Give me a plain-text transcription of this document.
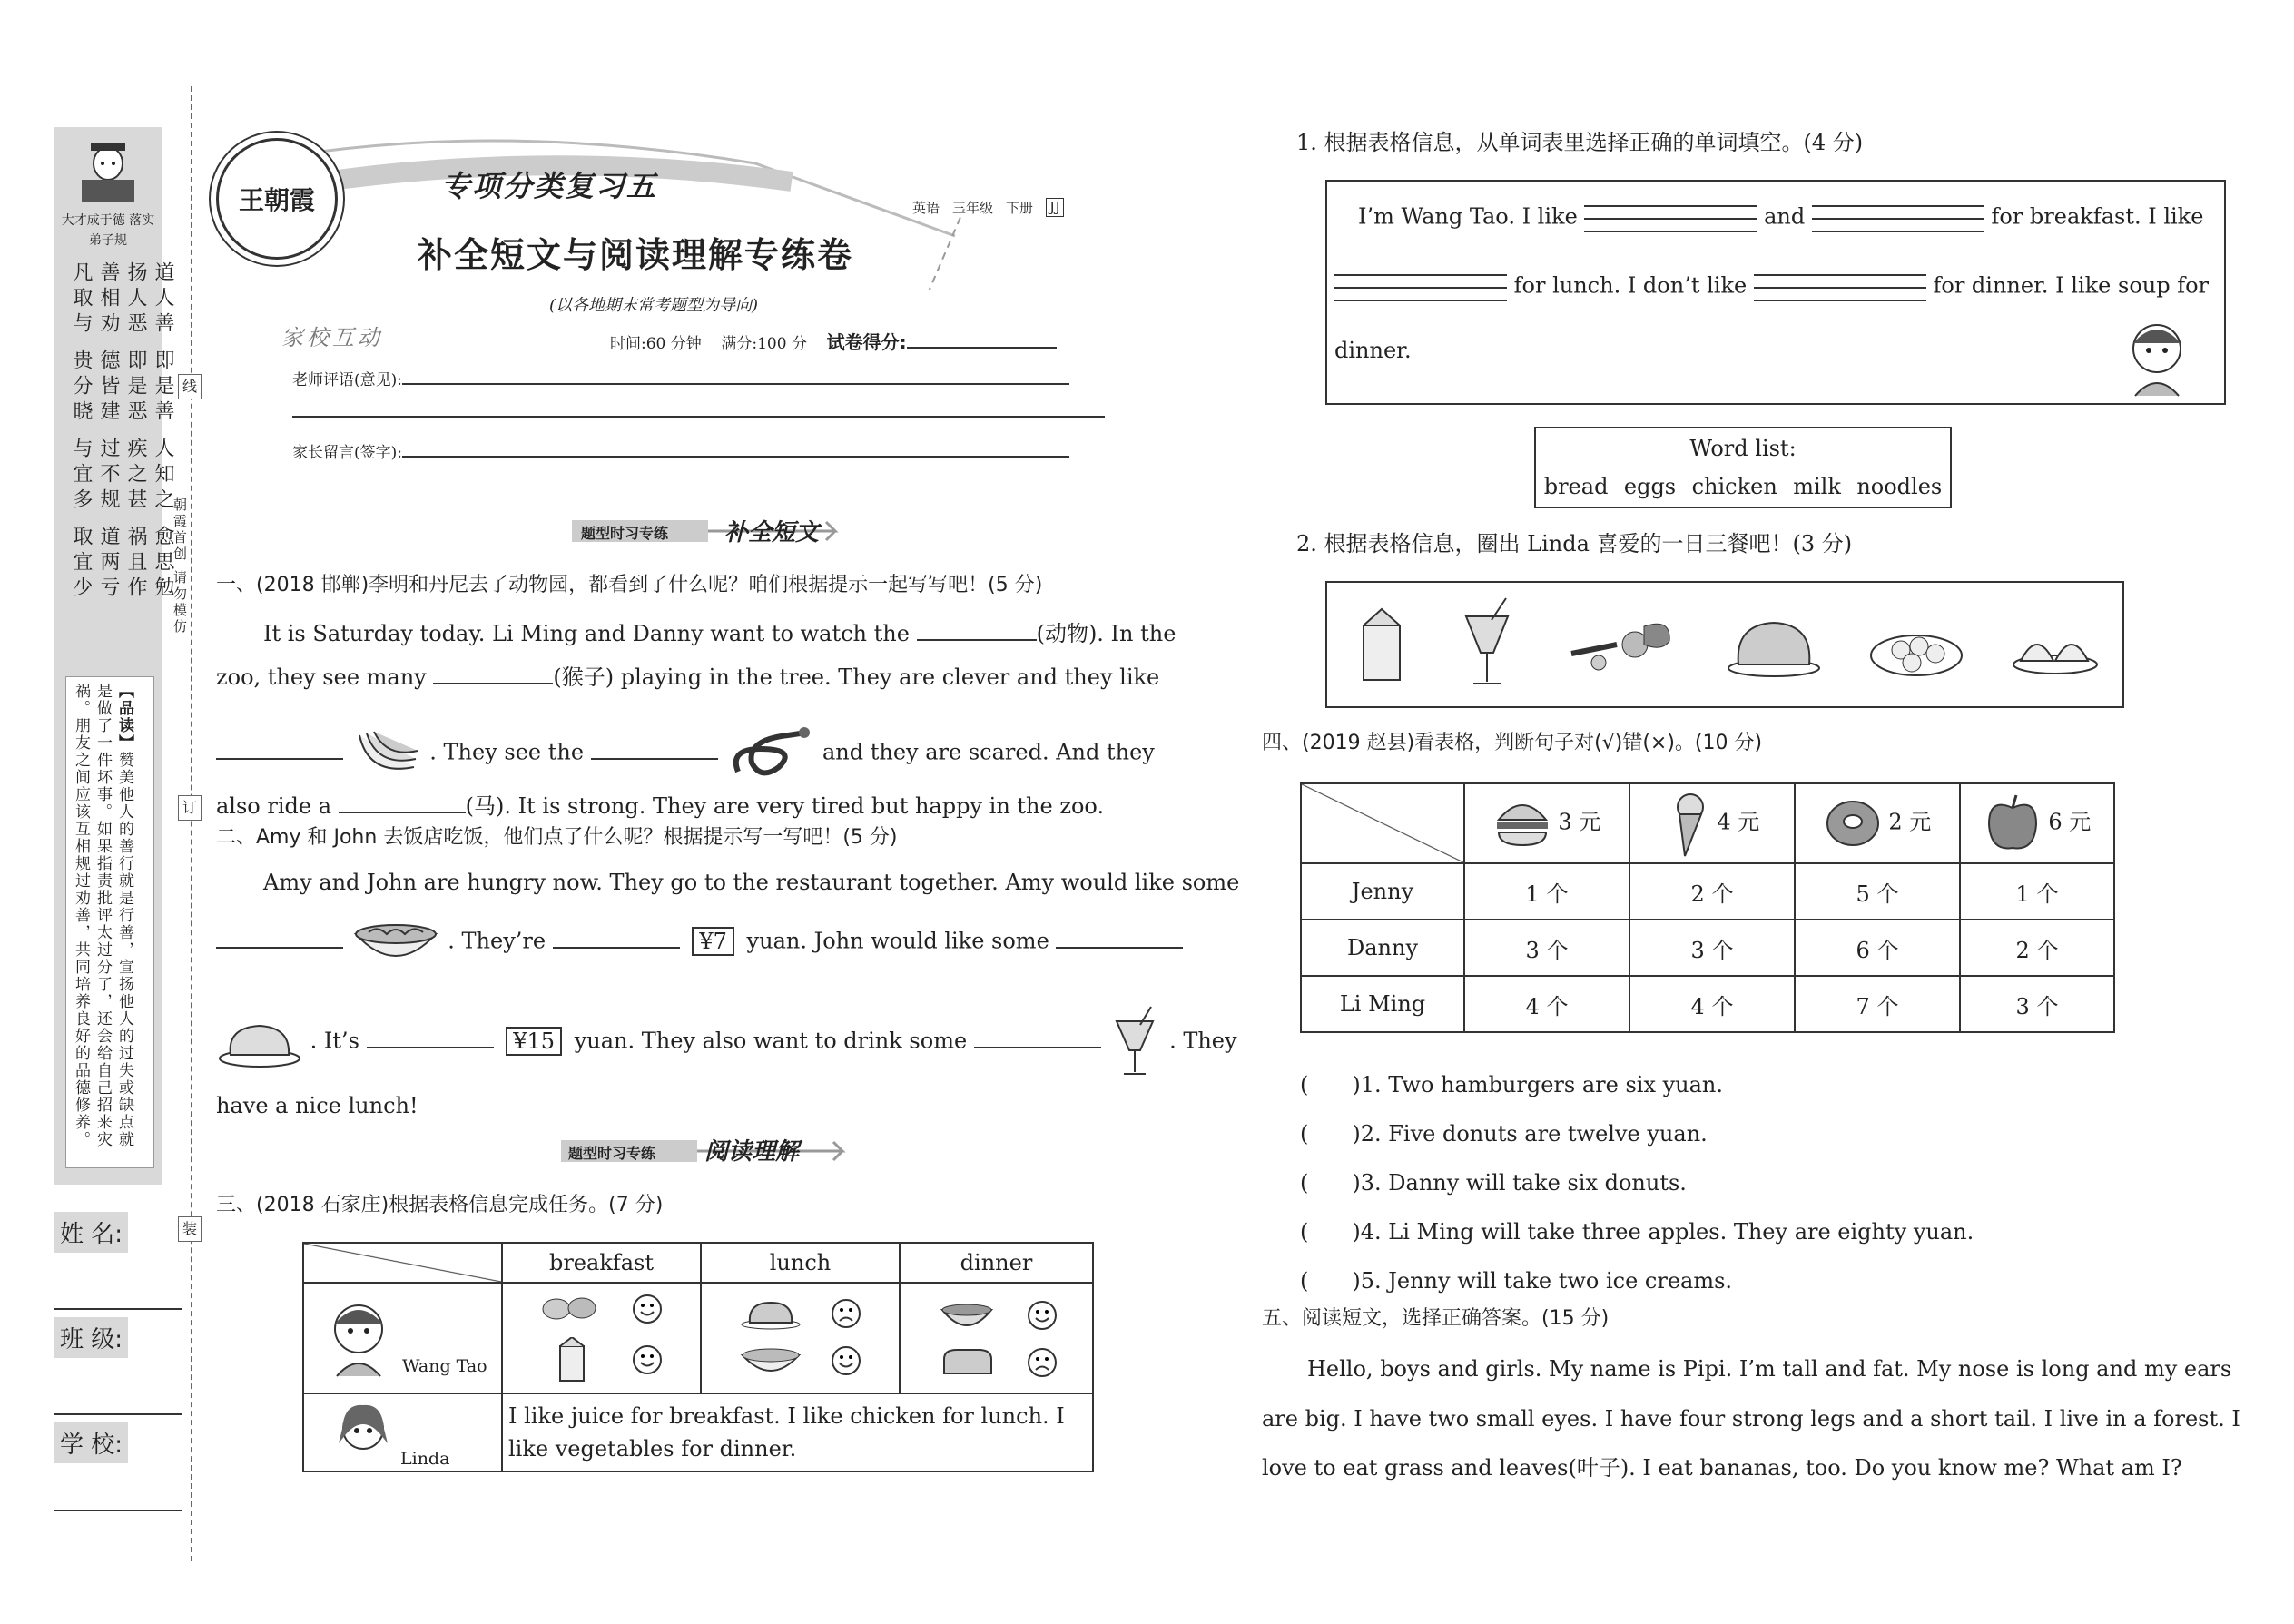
大才成于德 落实弟子规
道人善 即是善 人知之 愈思勉
扬人恶 即是恶 疾之甚 祸且作
善相劝 德皆建 过不规 道两亏
凡取与 贵分晓 与宜多 取宜少
【品读】赞美他人的善行就是行善，宣扬他人的过失或缺点就是做了一件坏事。如果指责批评太过分了，还会给自己招来灾祸。朋友之间应该互相规过劝善，共同培养良好的品德修养。
姓 名:
班 级:
学 校:
线
订
装
朝霞首创 请勿模仿
王朝霞	专项分类复习五
补全短文与阅读理解专练卷
英语 三年级 下册 JJ
(以各地期末常考题型为导向)
家校互动	时间:60 分钟 满分:100 分 试卷得分:
老师评语(意见):
家长留言(签字):
题型时习专练 补全短文
一、(2018 邯郸)李明和丹尼去了动物园，都看到了什么呢？咱们根据提示一起写写吧！(5 分)
It is Saturday today. Li Ming and Danny want to watch the	(动物). In the
zoo, they see many	(猴子) playing in the tree. They are clever and they like
. They see the	and they are scared. And they
also ride a	(马). It is strong. They are very tired but happy in the zoo.
二、Amy 和 John 去饭店吃饭，他们点了什么呢？根据提示写一写吧！(5 分)
Amy and John are hungry now. They go to the restaurant together. Amy would like some
. They’re	¥7 yuan. John would like some
. It’s	¥15 yuan. They also want to drink some	. They
have a nice lunch!
题型时习专练 阅读理解
三、(2018 石家庄)根据表格信息完成任务。(7 分)
	breakfast	lunch	dinner

Wang Tao

Linda	I like juice for breakfast. I like chicken for lunch. I like vegetables for dinner.		
1. 根据表格信息，从单词表里选择正确的单词填空。(4 分)
I’m Wang Tao. I like	and	for breakfast. I like
for lunch. I don’t like	for dinner. I like soup for
dinner.
Word list:
bread eggs chicken milk noodles
2. 根据表格信息，圈出 Linda 喜爱的一日三餐吧！(3 分)
四、(2019 赵县)看表格，判断句子对(√)错(×)。(10 分)
	3 元	4 元	2 元	6 元
Jenny	1 个	2 个	5 个	1 个
Danny	3 个	3 个	6 个	2 个
Li Ming	4 个	4 个	7 个	3 个
( )1. Two hamburgers are six yuan.
( )2. Five donuts are twelve yuan.
( )3. Danny will take six donuts.
( )4. Li Ming will take three apples. They are eighty yuan.
( )5. Jenny will take two ice creams.
五、阅读短文，选择正确答案。(15 分)
Hello, boys and girls. My name is Pipi. I’m tall and fat. My nose is long and my ears
are big. I have two small eyes. I have four strong legs and a short tail. I live in a forest. I
love to eat grass and leaves(叶子). I eat bananas, too. Do you know me? What am I?
